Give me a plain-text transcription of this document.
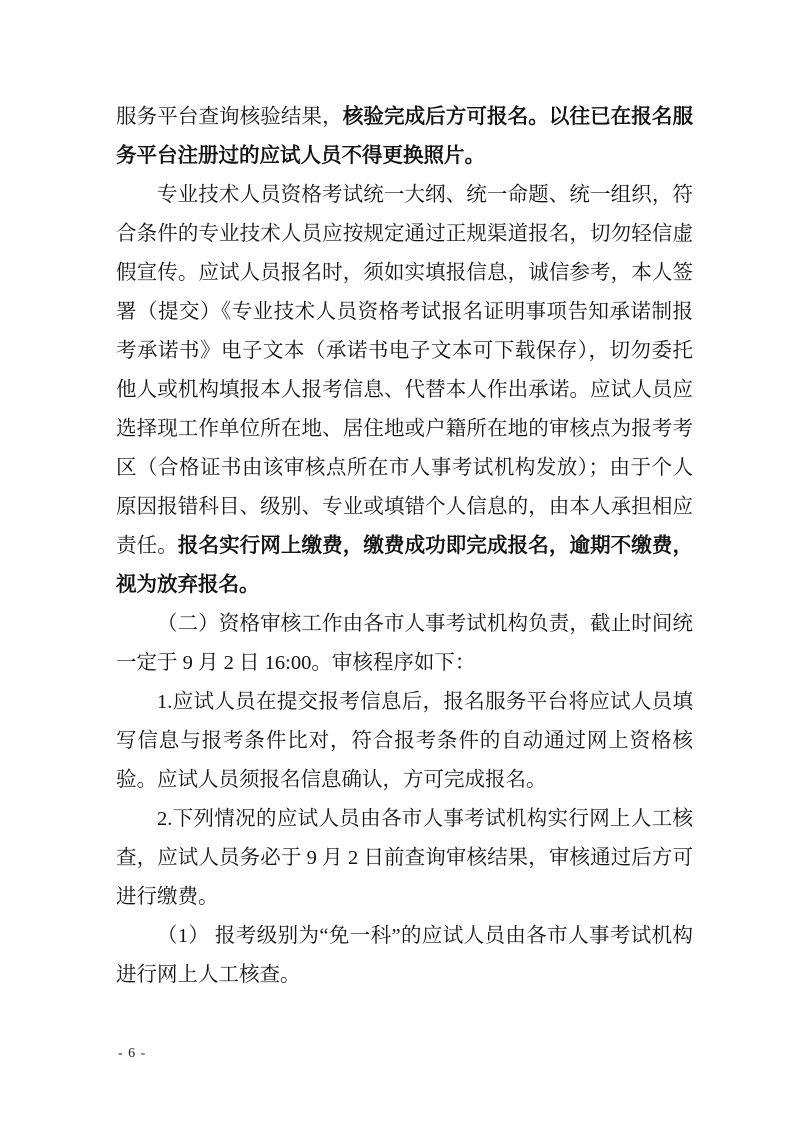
服务平台查询核验结果，核验完成后方可报名。以往已在报名服务平台注册过的应试人员不得更换照片。

专业技术人员资格考试统一大纲、统一命题、统一组织，符合条件的专业技术人员应按规定通过正规渠道报名，切勿轻信虚假宣传。应试人员报名时，须如实填报信息，诚信参考，本人签署（提交）《专业技术人员资格考试报名证明事项告知承诺制报考承诺书》电子文本（承诺书电子文本可下载保存），切勿委托他人或机构填报本人报考信息、代替本人作出承诺。应试人员应选择现工作单位所在地、居住地或户籍所在地的审核点为报考考区（合格证书由该审核点所在市人事考试机构发放）；由于个人原因报错科目、级别、专业或填错个人信息的，由本人承担相应责任。报名实行网上缴费，缴费成功即完成报名，逾期不缴费，视为放弃报名。

（二）资格审核工作由各市人事考试机构负责，截止时间统一定于 9 月 2 日 16:00。审核程序如下：

1.应试人员在提交报考信息后，报名服务平台将应试人员填写信息与报考条件比对，符合报考条件的自动通过网上资格核验。应试人员须报名信息确认，方可完成报名。

2.下列情况的应试人员由各市人事考试机构实行网上人工核查，应试人员务必于 9 月 2 日前查询审核结果，审核通过后方可进行缴费。

（1） 报考级别为“免一科”的应试人员由各市人事考试机构进行网上人工核查。

- 6 -
